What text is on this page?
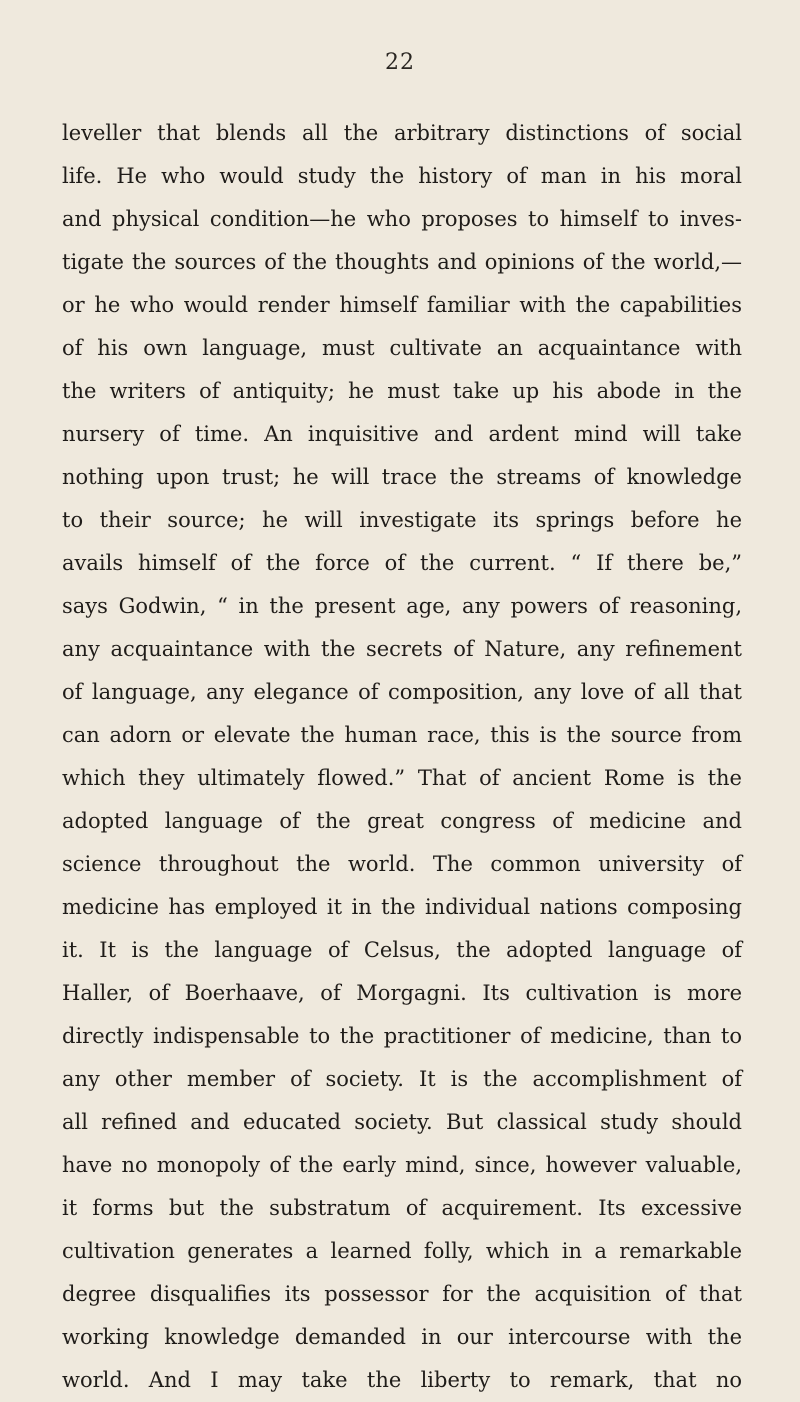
22
leveller that blends all the arbitrary distinctions of social
life. He who would study the history of man in his moral
and physical condition—he who proposes to himself to inves-
tigate the sources of the thoughts and opinions of the world,—
or he who would render himself familiar with the capabilities
of his own language, must cultivate an acquaintance with
the writers of antiquity; he must take up his abode in the
nursery of time. An inquisitive and ardent mind will take
nothing upon trust; he will trace the streams of knowledge
to their source; he will investigate its springs before he
avails himself of the force of the current. “ If there be,”
says Godwin, “ in the present age, any powers of reasoning,
any acquaintance with the secrets of Nature, any refinement
of language, any elegance of composition, any love of all that
can adorn or elevate the human race, this is the source from
which they ultimately flowed.” That of ancient Rome is the
adopted language of the great congress of medicine and
science throughout the world. The common university of
medicine has employed it in the individual nations composing
it. It is the language of Celsus, the adopted language of
Haller, of Boerhaave, of Morgagni. Its cultivation is more
directly indispensable to the practitioner of medicine, than to
any other member of society. It is the accomplishment of
all refined and educated society. But classical study should
have no monopoly of the early mind, since, however valuable,
it forms but the substratum of acquirement. Its excessive
cultivation generates a learned folly, which in a remarkable
degree disqualifies its possessor for the acquisition of that
working knowledge demanded in our intercourse with the
world. And I may take the liberty to remark, that no
